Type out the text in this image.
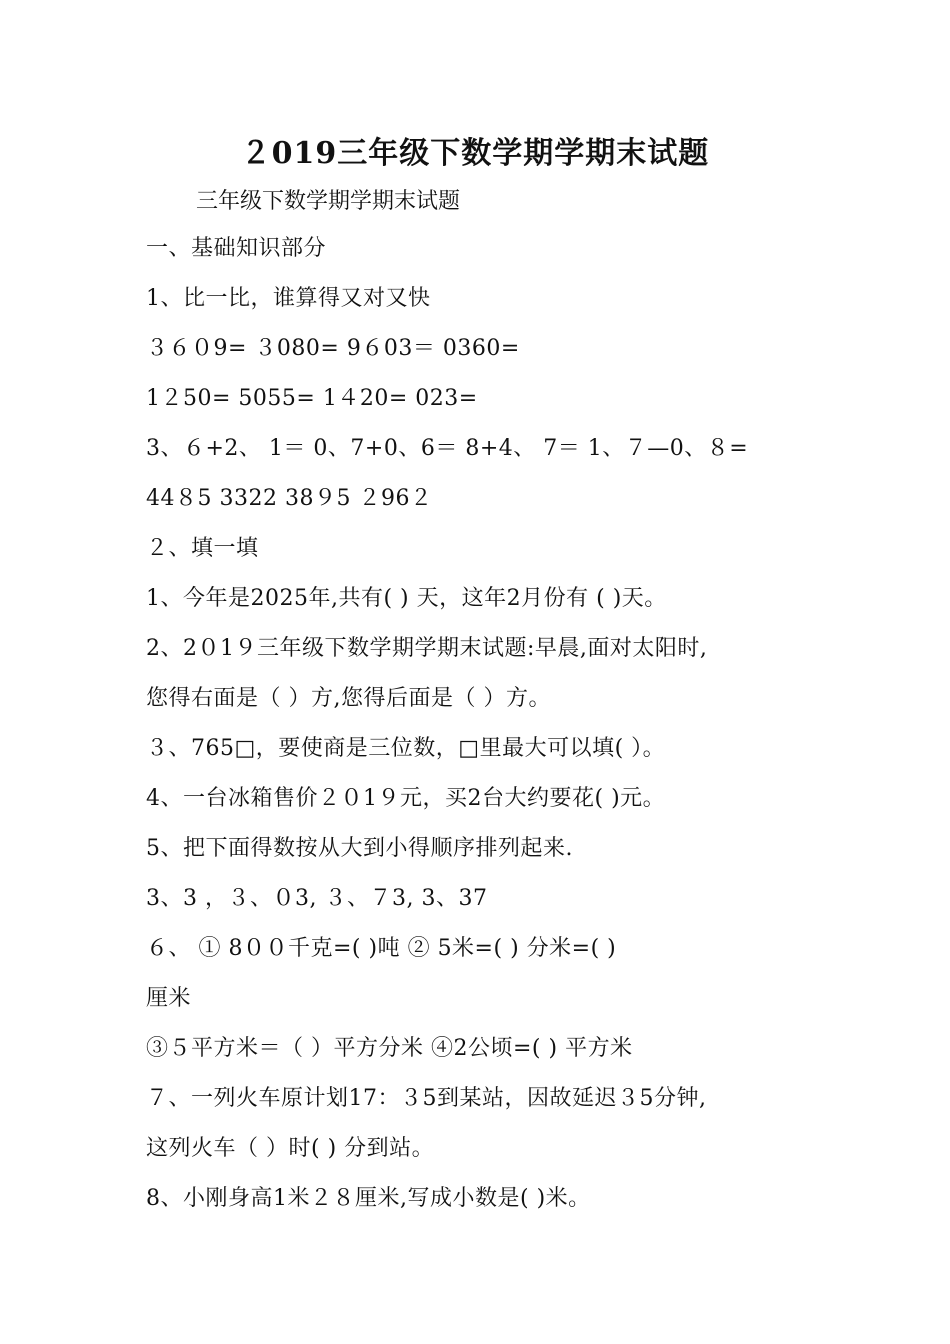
２019三年级下数学期学期末试题
三年级下数学期学期末试题
一、基础知识部分
1、比一比，谁算得又对又快
３６０9= ３080= 9６03＝ 0360=
1２50= 5055= 1４20= 023=
3、６+2、 1＝ 0、7+0、6＝ 8+4、 7＝ 1、７—0、８=
44８5 3322 38９5 ２96２
２、填一填
1、今年是2025年,共有( ) 天，这年2月份有 ( )天。
2、2０1９三年级下数学期学期末试题:早晨,面对太阳时,
您得右面是（ ）方,您得后面是（ ）方。
３、765□，要使商是三位数，□里最大可以填( ）。
4、一台冰箱售价２０1９元，买2台大约要花( )元。
5、把下面得数按从大到小得顺序排列起来.
3、3 ，３、０3, ３、７3, 3、37
６、 ① 8００千克=( )吨 ② 5米=( ) 分米=( )
厘米
③５平方米＝（ ）平方分米 ④2公顷=( ) 平方米
７、一列火车原计划17：３5到某站，因故延迟３5分钟,
这列火车（ ）时( ) 分到站。
8、小刚身高1米２８厘米,写成小数是( )米。
